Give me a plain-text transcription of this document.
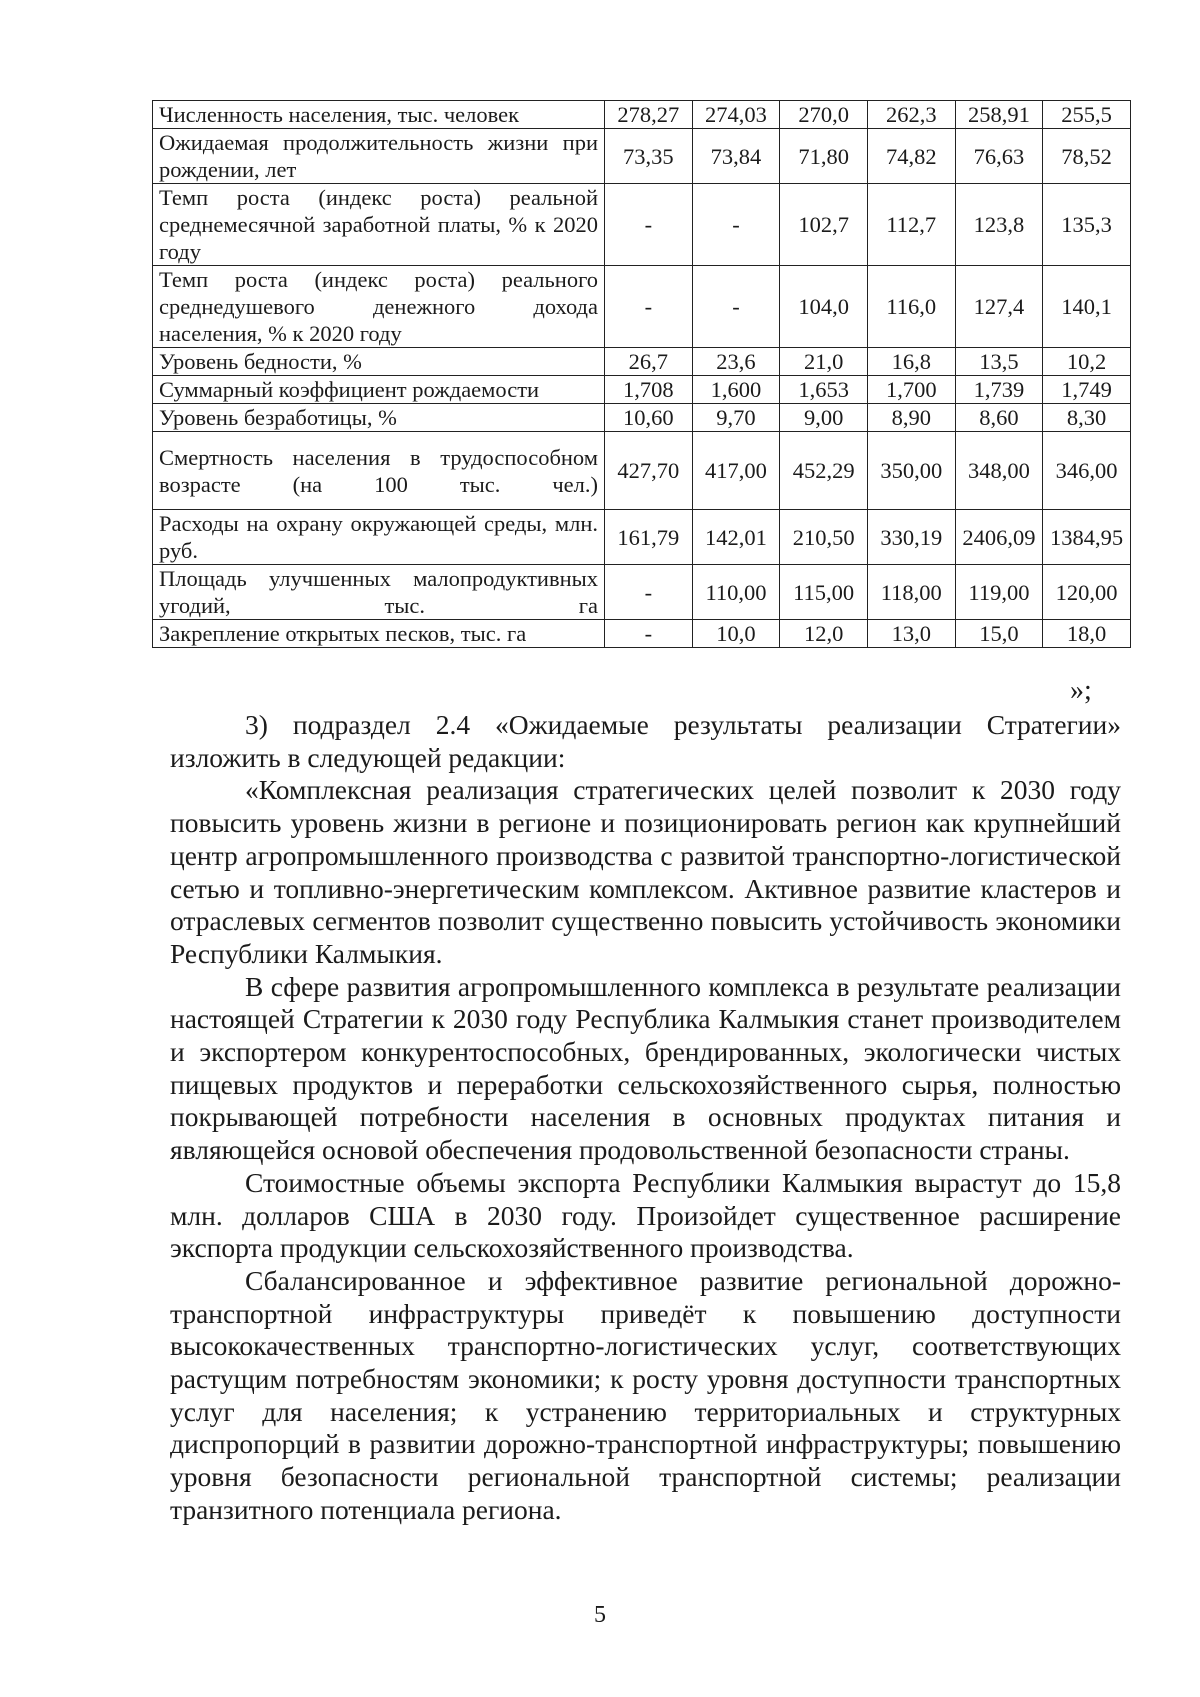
Численность населения, тыс. человек	278,27	274,03	270,0	262,3	258,91	255,5
Ожидаемая продолжительность жизни при рождении, лет	73,35	73,84	71,80	74,82	76,63	78,52
Темп роста (индекс роста) реальной среднемесячной заработной платы, % к 2020 году	-	-	102,7	112,7	123,8	135,3
Темп роста (индекс роста) реального среднедушевого денежного дохода населения, % к 2020 году	-	-	104,0	116,0	127,4	140,1
Уровень бедности, %	26,7	23,6	21,0	16,8	13,5	10,2
Суммарный коэффициент рождаемости	1,708	1,600	1,653	1,700	1,739	1,749
Уровень безработицы, %	10,60	9,70	9,00	8,90	8,60	8,30
Смертность населения в трудоспособном возрасте (на 100 тыс. чел.)	427,70	417,00	452,29	350,00	348,00	346,00
Расходы на охрану окружающей среды, млн. руб.	161,79	142,01	210,50	330,19	2406,09	1384,95
Площадь улучшенных малопродуктивных угодий, тыс. га	-	110,00	115,00	118,00	119,00	120,00
Закрепление открытых песков, тыс. га	-	10,0	12,0	13,0	15,0	18,0
»;

3) подраздел 2.4 «Ожидаемые результаты реализации Стратегии» изложить в следующей редакции:

«Комплексная реализация стратегических целей позволит к 2030 году повысить уровень жизни в регионе и позиционировать регион как крупнейший центр агропромышленного производства с развитой транспортно-логистической сетью и топливно-энергетическим комплексом. Активное развитие кластеров и отраслевых сегментов позволит существенно повысить устойчивость экономики Республики Калмыкия.

В сфере развития агропромышленного комплекса в результате реализации настоящей Стратегии к 2030 году Республика Калмыкия станет производителем и экспортером конкурентоспособных, брендированных, экологически чистых пищевых продуктов и переработки сельскохозяйственного сырья, полностью покрывающей потребности населения в основных продуктах питания и являющейся основой обеспечения продовольственной безопасности страны.

Стоимостные объемы экспорта Республики Калмыкия вырастут до 15,8 млн. долларов США в 2030 году. Произойдет существенное расширение экспорта продукции сельскохозяйственного производства.

Сбалансированное и эффективное развитие региональной дорожно-транспортной инфраструктуры приведёт к повышению доступности высококачественных транспортно-логистических услуг, соответствующих растущим потребностям экономики; к росту уровня доступности транспортных услуг для населения; к устранению территориальных и структурных диспропорций в развитии дорожно-транспортной инфраструктуры; повышению уровня безопасности региональной транспортной системы; реализации транзитного потенциала региона.

5
